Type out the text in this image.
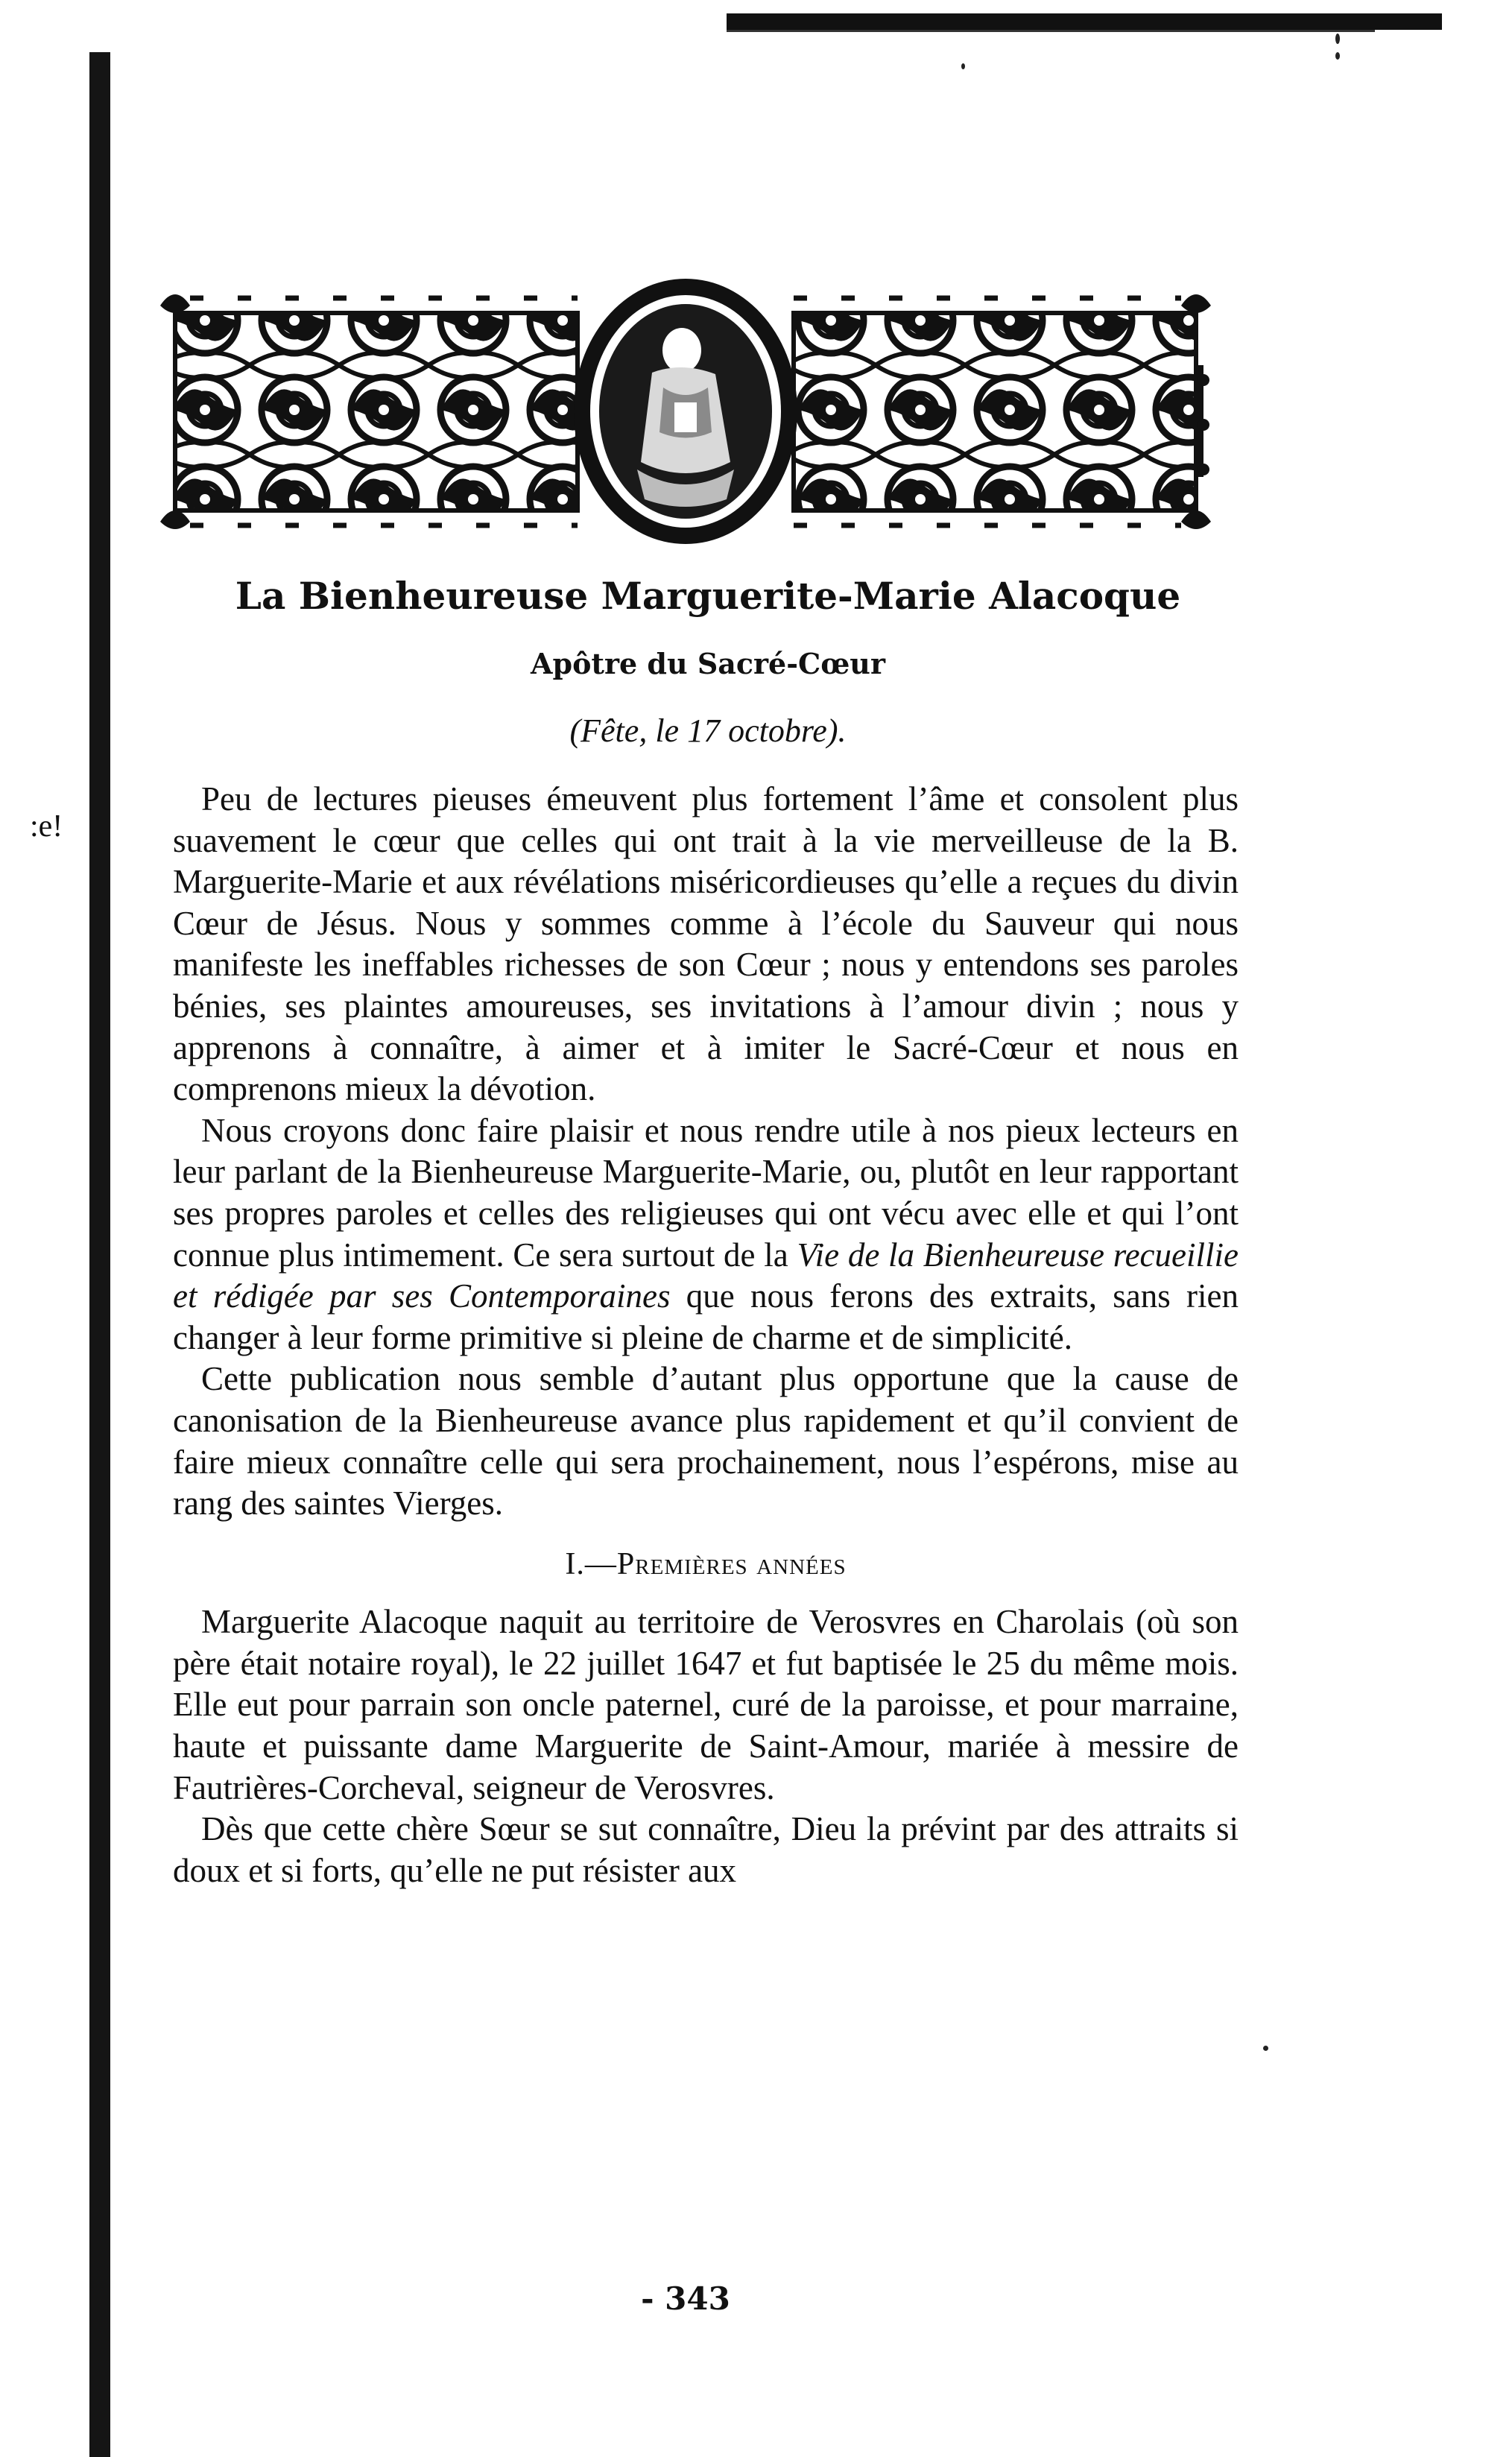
:e!
La Bienheureuse Marguerite-Marie Alacoque
Apôtre du Sacré-Cœur

(Fête, le 17 octobre).

Peu de lectures pieuses émeuvent plus fortement l’âme et consolent plus suavement le cœur que celles qui ont trait à la vie merveilleuse de la B. Marguerite-Marie et aux révélations miséricordieuses qu’elle a reçues du divin Cœur de Jésus. Nous y sommes comme à l’école du Sauveur qui nous manifeste les ineffables richesses de son Cœur ; nous y entendons ses paroles bénies, ses plaintes amoureuses, ses invitations à l’amour divin ; nous y apprenons à connaître, à aimer et à imiter le Sacré-Cœur et nous en comprenons mieux la dévotion.

Nous croyons donc faire plaisir et nous rendre utile à nos pieux lecteurs en leur parlant de la Bienheureuse Marguerite-Marie, ou, plutôt en leur rapportant ses propres paroles et celles des religieuses qui ont vécu avec elle et qui l’ont connue plus intimement. Ce sera surtout de la Vie de la Bienheureuse recueillie et rédigée par ses Contemporaines que nous ferons des extraits, sans rien changer à leur forme primitive si pleine de charme et de simplicité.

Cette publication nous semble d’autant plus opportune que la cause de canonisation de la Bienheureuse avance plus rapidement et qu’il convient de faire mieux connaître celle qui sera prochainement, nous l’espérons, mise au rang des saintes Vierges.

I.—Premières années

Marguerite Alacoque naquit au territoire de Verosvres en Charolais (où son père était notaire royal), le 22 juillet 1647 et fut baptisée le 25 du même mois. Elle eut pour parrain son oncle paternel, curé de la paroisse, et pour marraine, haute et puissante dame Marguerite de Saint-Amour, mariée à messire de Fautrières-Corcheval, seigneur de Verosvres.

Dès que cette chère Sœur se sut connaître, Dieu la prévint par des attraits si doux et si forts, qu’elle ne put résister aux

- 343
